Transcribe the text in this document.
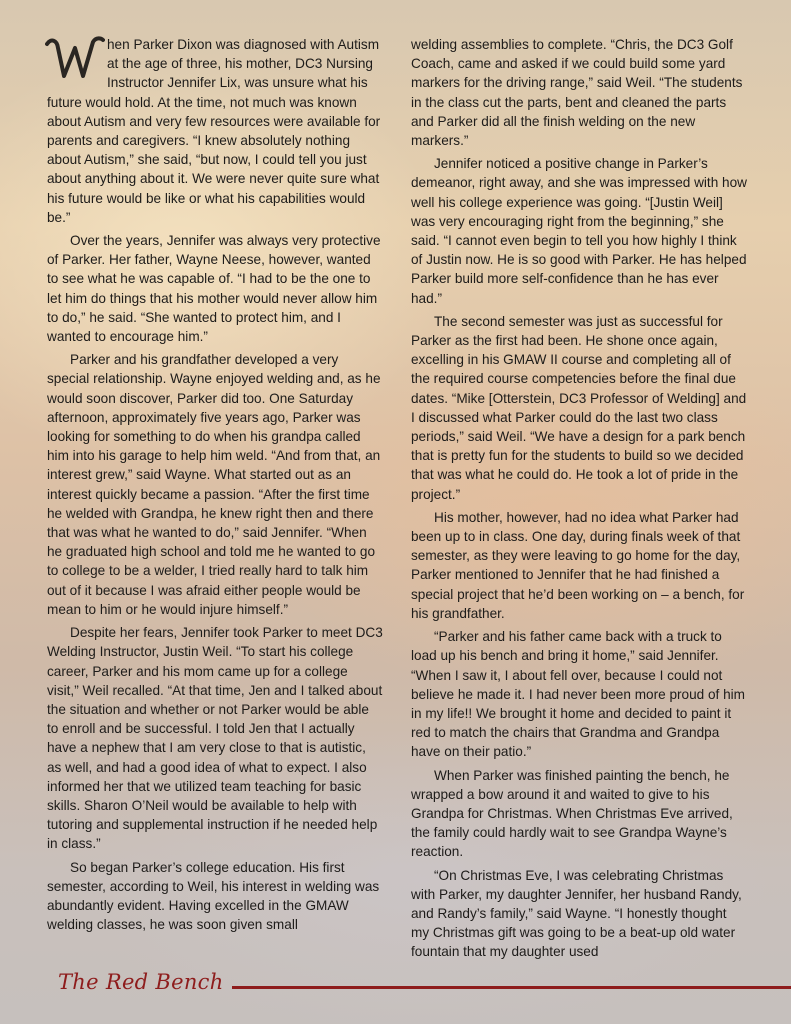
hen Parker Dixon was diagnosed with Autism at the age of three, his mother, DC3 Nursing Instructor Jennifer Lix, was unsure what his future would hold. At the time, not much was known about Autism and very few resources were available for parents and caregivers. “I knew absolutely nothing about Autism,” she said, “but now, I could tell you just about anything about it. We were never quite sure what his future would be like or what his capabilities would be.”

Over the years, Jennifer was always very protective of Parker. Her father, Wayne Neese, however, wanted to see what he was capable of. “I had to be the one to let him do things that his mother would never allow him to do,” he said. “She wanted to protect him, and I wanted to encourage him.”

Parker and his grandfather developed a very special relationship. Wayne enjoyed welding and, as he would soon discover, Parker did too. One Saturday afternoon, approximately five years ago, Parker was looking for something to do when his grandpa called him into his garage to help him weld. “And from that, an interest grew,” said Wayne. What started out as an interest quickly became a passion. “After the first time he welded with Grandpa, he knew right then and there that was what he wanted to do,” said Jennifer. “When he graduated high school and told me he wanted to go to college to be a welder, I tried really hard to talk him out of it because I was afraid either people would be mean to him or he would injure himself.”

Despite her fears, Jennifer took Parker to meet DC3 Welding Instructor, Justin Weil. “To start his college career, Parker and his mom came up for a college visit,” Weil recalled. “At that time, Jen and I talked about the situation and whether or not Parker would be able to enroll and be successful. I told Jen that I actually have a nephew that I am very close to that is autistic, as well, and had a good idea of what to expect. I also informed her that we utilized team teaching for basic skills. Sharon O’Neil would be available to help with tutoring and supplemental instruction if he needed help in class.”

So began Parker’s college education. His first semester, according to Weil, his interest in welding was abundantly evident. Having excelled in the GMAW welding classes, he was soon given small

welding assemblies to complete. “Chris, the DC3 Golf Coach, came and asked if we could build some yard markers for the driving range,” said Weil. “The students in the class cut the parts, bent and cleaned the parts and Parker did all the finish welding on the new markers.”

Jennifer noticed a positive change in Parker’s demeanor, right away, and she was impressed with how well his college experience was going. “[Justin Weil] was very encouraging right from the beginning,” she said. “I cannot even begin to tell you how highly I think of Justin now. He is so good with Parker. He has helped Parker build more self-confidence than he has ever had.”

The second semester was just as successful for Parker as the first had been. He shone once again, excelling in his GMAW II course and completing all of the required course competencies before the final due dates. “Mike [Otterstein, DC3 Professor of Welding] and I discussed what Parker could do the last two class periods,” said Weil. “We have a design for a park bench that is pretty fun for the students to build so we decided that was what he could do. He took a lot of pride in the project.”

His mother, however, had no idea what Parker had been up to in class. One day, during finals week of that semester, as they were leaving to go home for the day, Parker mentioned to Jennifer that he had finished a special project that he’d been working on – a bench, for his grandfather.

“Parker and his father came back with a truck to load up his bench and bring it home,” said Jennifer. “When I saw it, I about fell over, because I could not believe he made it. I had never been more proud of him in my life!! We brought it home and decided to paint it red to match the chairs that Grandma and Grandpa have on their patio.”

When Parker was finished painting the bench, he wrapped a bow around it and waited to give to his Grandpa for Christmas. When Christmas Eve arrived, the family could hardly wait to see Grandpa Wayne’s reaction.

“On Christmas Eve, I was celebrating Christmas with Parker, my daughter Jennifer, her husband Randy, and Randy’s family,” said Wayne. “I honestly thought my Christmas gift was going to be a beat-up old water fountain that my daughter used

The Red Bench
